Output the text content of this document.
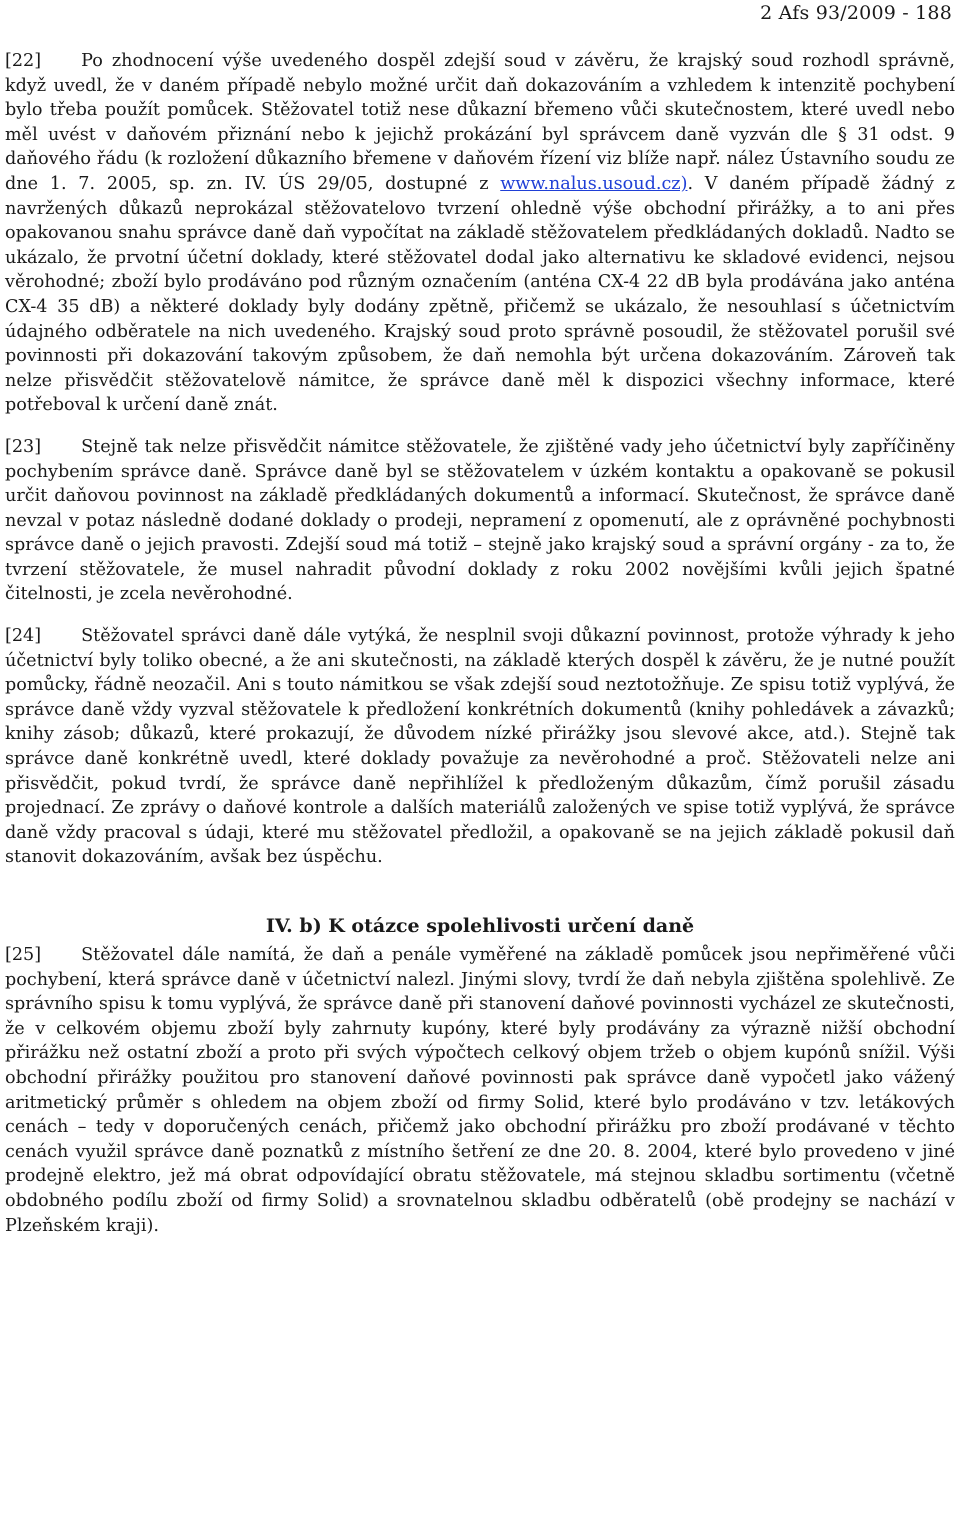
2 Afs 93/2009 - 188

[22] Po zhodnocení výše uvedeného dospěl zdejší soud v závěru, že krajský soud rozhodl správně, když uvedl, že v daném případě nebylo možné určit daň dokazováním a vzhledem k intenzitě pochybení bylo třeba použít pomůcek. Stěžovatel totiž nese důkazní břemeno vůči skutečnostem, které uvedl nebo měl uvést v daňovém přiznání nebo k jejichž prokázání byl správcem daně vyzván dle § 31 odst. 9 daňového řádu (k rozložení důkazního břemene v daňovém řízení viz blíže např. nález Ústavního soudu ze dne 1. 7. 2005, sp. zn. IV. ÚS 29/05, dostupné z www.nalus.usoud.cz). V daném případě žádný z navržených důkazů neprokázal stěžovatelovo tvrzení ohledně výše obchodní přirážky, a to ani přes opakovanou snahu správce daně daň vypočítat na základě stěžovatelem předkládaných dokladů. Nadto se ukázalo, že prvotní účetní doklady, které stěžovatel dodal jako alternativu ke skladové evidenci, nejsou věrohodné; zboží bylo prodáváno pod různým označením (anténa CX-4 22 dB byla prodávána jako anténa CX-4 35 dB) a některé doklady byly dodány zpětně, přičemž se ukázalo, že nesouhlasí s účetnictvím údajného odběratele na nich uvedeného. Krajský soud proto správně posoudil, že stěžovatel porušil své povinnosti při dokazování takovým způsobem, že daň nemohla být určena dokazováním. Zároveň tak nelze přisvědčit stěžovatelově námitce, že správce daně měl k dispozici všechny informace, které potřeboval k určení daně znát.

[23] Stejně tak nelze přisvědčit námitce stěžovatele, že zjištěné vady jeho účetnictví byly zapříčiněny pochybením správce daně. Správce daně byl se stěžovatelem v úzkém kontaktu a opakovaně se pokusil určit daňovou povinnost na základě předkládaných dokumentů a informací. Skutečnost, že správce daně nevzal v potaz následně dodané doklady o prodeji, nepramení z opomenutí, ale z oprávněné pochybnosti správce daně o jejich pravosti. Zdejší soud má totiž – stejně jako krajský soud a správní orgány - za to, že tvrzení stěžovatele, že musel nahradit původní doklady z roku 2002 novějšími kvůli jejich špatné čitelnosti, je zcela nevěrohodné.

[24] Stěžovatel správci daně dále vytýká, že nesplnil svoji důkazní povinnost, protože výhrady k jeho účetnictví byly toliko obecné, a že ani skutečnosti, na základě kterých dospěl k závěru, že je nutné použít pomůcky, řádně neozačil. Ani s touto námitkou se však zdejší soud neztotožňuje. Ze spisu totiž vyplývá, že správce daně vždy vyzval stěžovatele k předložení konkrétních dokumentů (knihy pohledávek a závazků; knihy zásob; důkazů, které prokazují, že důvodem nízké přirážky jsou slevové akce, atd.). Stejně tak správce daně konkrétně uvedl, které doklady považuje za nevěrohodné a proč. Stěžovateli nelze ani přisvědčit, pokud tvrdí, že správce daně nepřihlížel k předloženým důkazům, čímž porušil zásadu projednací. Ze zprávy o daňové kontrole a dalších materiálů založených ve spise totiž vyplývá, že správce daně vždy pracoval s údaji, které mu stěžovatel předložil, a opakovaně se na jejich základě pokusil daň stanovit dokazováním, avšak bez úspěchu.

IV. b) K otázce spolehlivosti určení daně

[25] Stěžovatel dále namítá, že daň a penále vyměřené na základě pomůcek jsou nepřiměřené vůči pochybení, která správce daně v účetnictví nalezl. Jinými slovy, tvrdí že daň nebyla zjištěna spolehlivě. Ze správního spisu k tomu vyplývá, že správce daně při stanovení daňové povinnosti vycházel ze skutečnosti, že v celkovém objemu zboží byly zahrnuty kupóny, které byly prodávány za výrazně nižší obchodní přirážku než ostatní zboží a proto při svých výpočtech celkový objem tržeb o objem kupónů snížil. Výši obchodní přirážky použitou pro stanovení daňové povinnosti pak správce daně vypočetl jako vážený aritmetický průměr s ohledem na objem zboží od firmy Solid, které bylo prodáváno v tzv. letákových cenách – tedy v doporučených cenách, přičemž jako obchodní přirážku pro zboží prodávané v těchto cenách využil správce daně poznatků z místního šetření ze dne 20. 8. 2004, které bylo provedeno v jiné prodejně elektro, jež má obrat odpovídající obratu stěžovatele, má stejnou skladbu sortimentu (včetně obdobného podílu zboží od firmy Solid) a srovnatelnou skladbu odběratelů (obě prodejny se nachází v Plzeňském kraji).
